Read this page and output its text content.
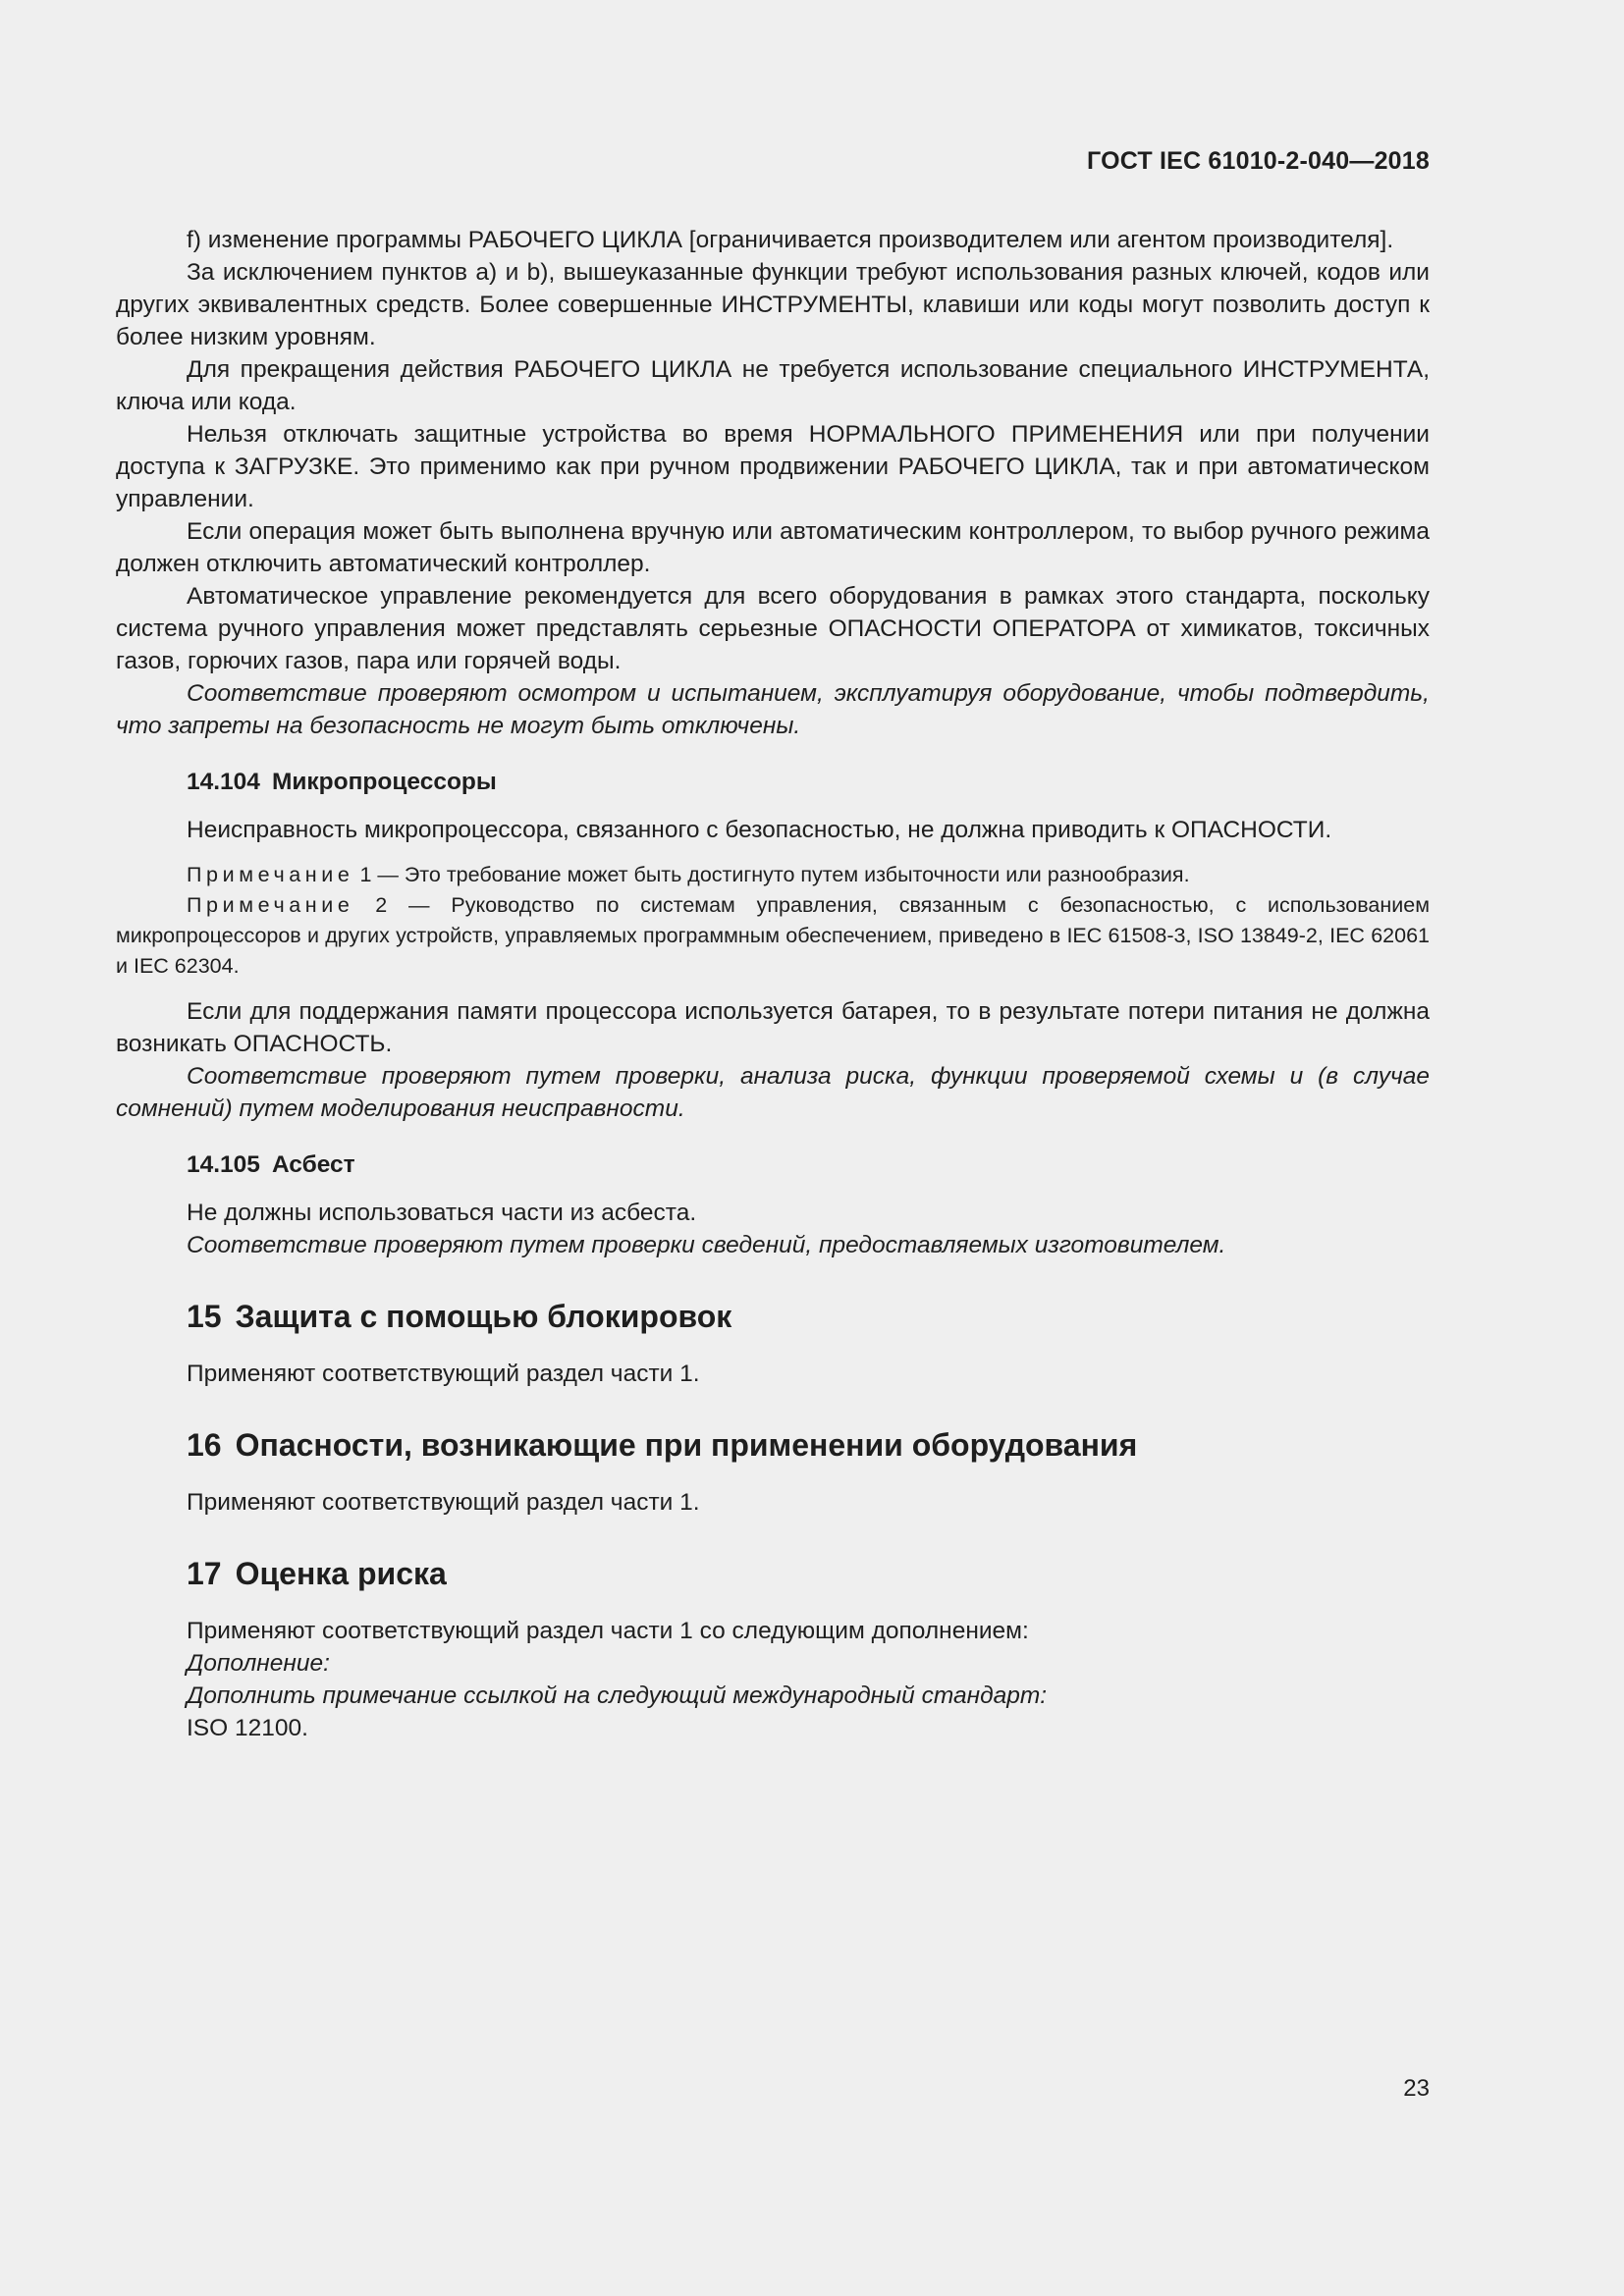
ГОСТ IEC 61010-2-040—2018

f) изменение программы РАБОЧЕГО ЦИКЛА [ограничивается производителем или агентом производителя].

За исключением пунктов a) и b), вышеуказанные функции требуют использования разных ключей, кодов или других эквивалентных средств. Более совершенные ИНСТРУМЕНТЫ, клавиши или коды могут позволить доступ к более низким уровням.

Для прекращения действия РАБОЧЕГО ЦИКЛА не требуется использование специального ИНСТРУМЕНТА, ключа или кода.

Нельзя отключать защитные устройства во время НОРМАЛЬНОГО ПРИМЕНЕНИЯ или при получении доступа к ЗАГРУЗКЕ. Это применимо как при ручном продвижении РАБОЧЕГО ЦИКЛА, так и при автоматическом управлении.

Если операция может быть выполнена вручную или автоматическим контроллером, то выбор ручного режима должен отключить автоматический контроллер.

Автоматическое управление рекомендуется для всего оборудования в рамках этого стандарта, поскольку система ручного управления может представлять серьезные ОПАСНОСТИ ОПЕРАТОРА от химикатов, токсичных газов, горючих газов, пара или горячей воды.

Соответствие проверяют осмотром и испытанием, эксплуатируя оборудование, чтобы подтвердить, что запреты на безопасность не могут быть отключены.

14.104 Микропроцессоры

Неисправность микропроцессора, связанного с безопасностью, не должна приводить к ОПАСНОСТИ.

Примечание 1 — Это требование может быть достигнуто путем избыточности или разнообразия.

Примечание 2 — Руководство по системам управления, связанным с безопасностью, с использованием микропроцессоров и других устройств, управляемых программным обеспечением, приведено в IEC 61508-3, ISO 13849-2, IEC 62061 и IEC 62304.

Если для поддержания памяти процессора используется батарея, то в результате потери питания не должна возникать ОПАСНОСТЬ.

Соответствие проверяют путем проверки, анализа риска, функции проверяемой схемы и (в случае сомнений) путем моделирования неисправности.

14.105 Асбест

Не должны использоваться части из асбеста.

Соответствие проверяют путем проверки сведений, предоставляемых изготовителем.

15 Защита с помощью блокировок

Применяют соответствующий раздел части 1.

16 Опасности, возникающие при применении оборудования

Применяют соответствующий раздел части 1.

17 Оценка риска

Применяют соответствующий раздел части 1 со следующим дополнением:

Дополнение:

Дополнить примечание ссылкой на следующий международный стандарт:

ISO 12100.

23
